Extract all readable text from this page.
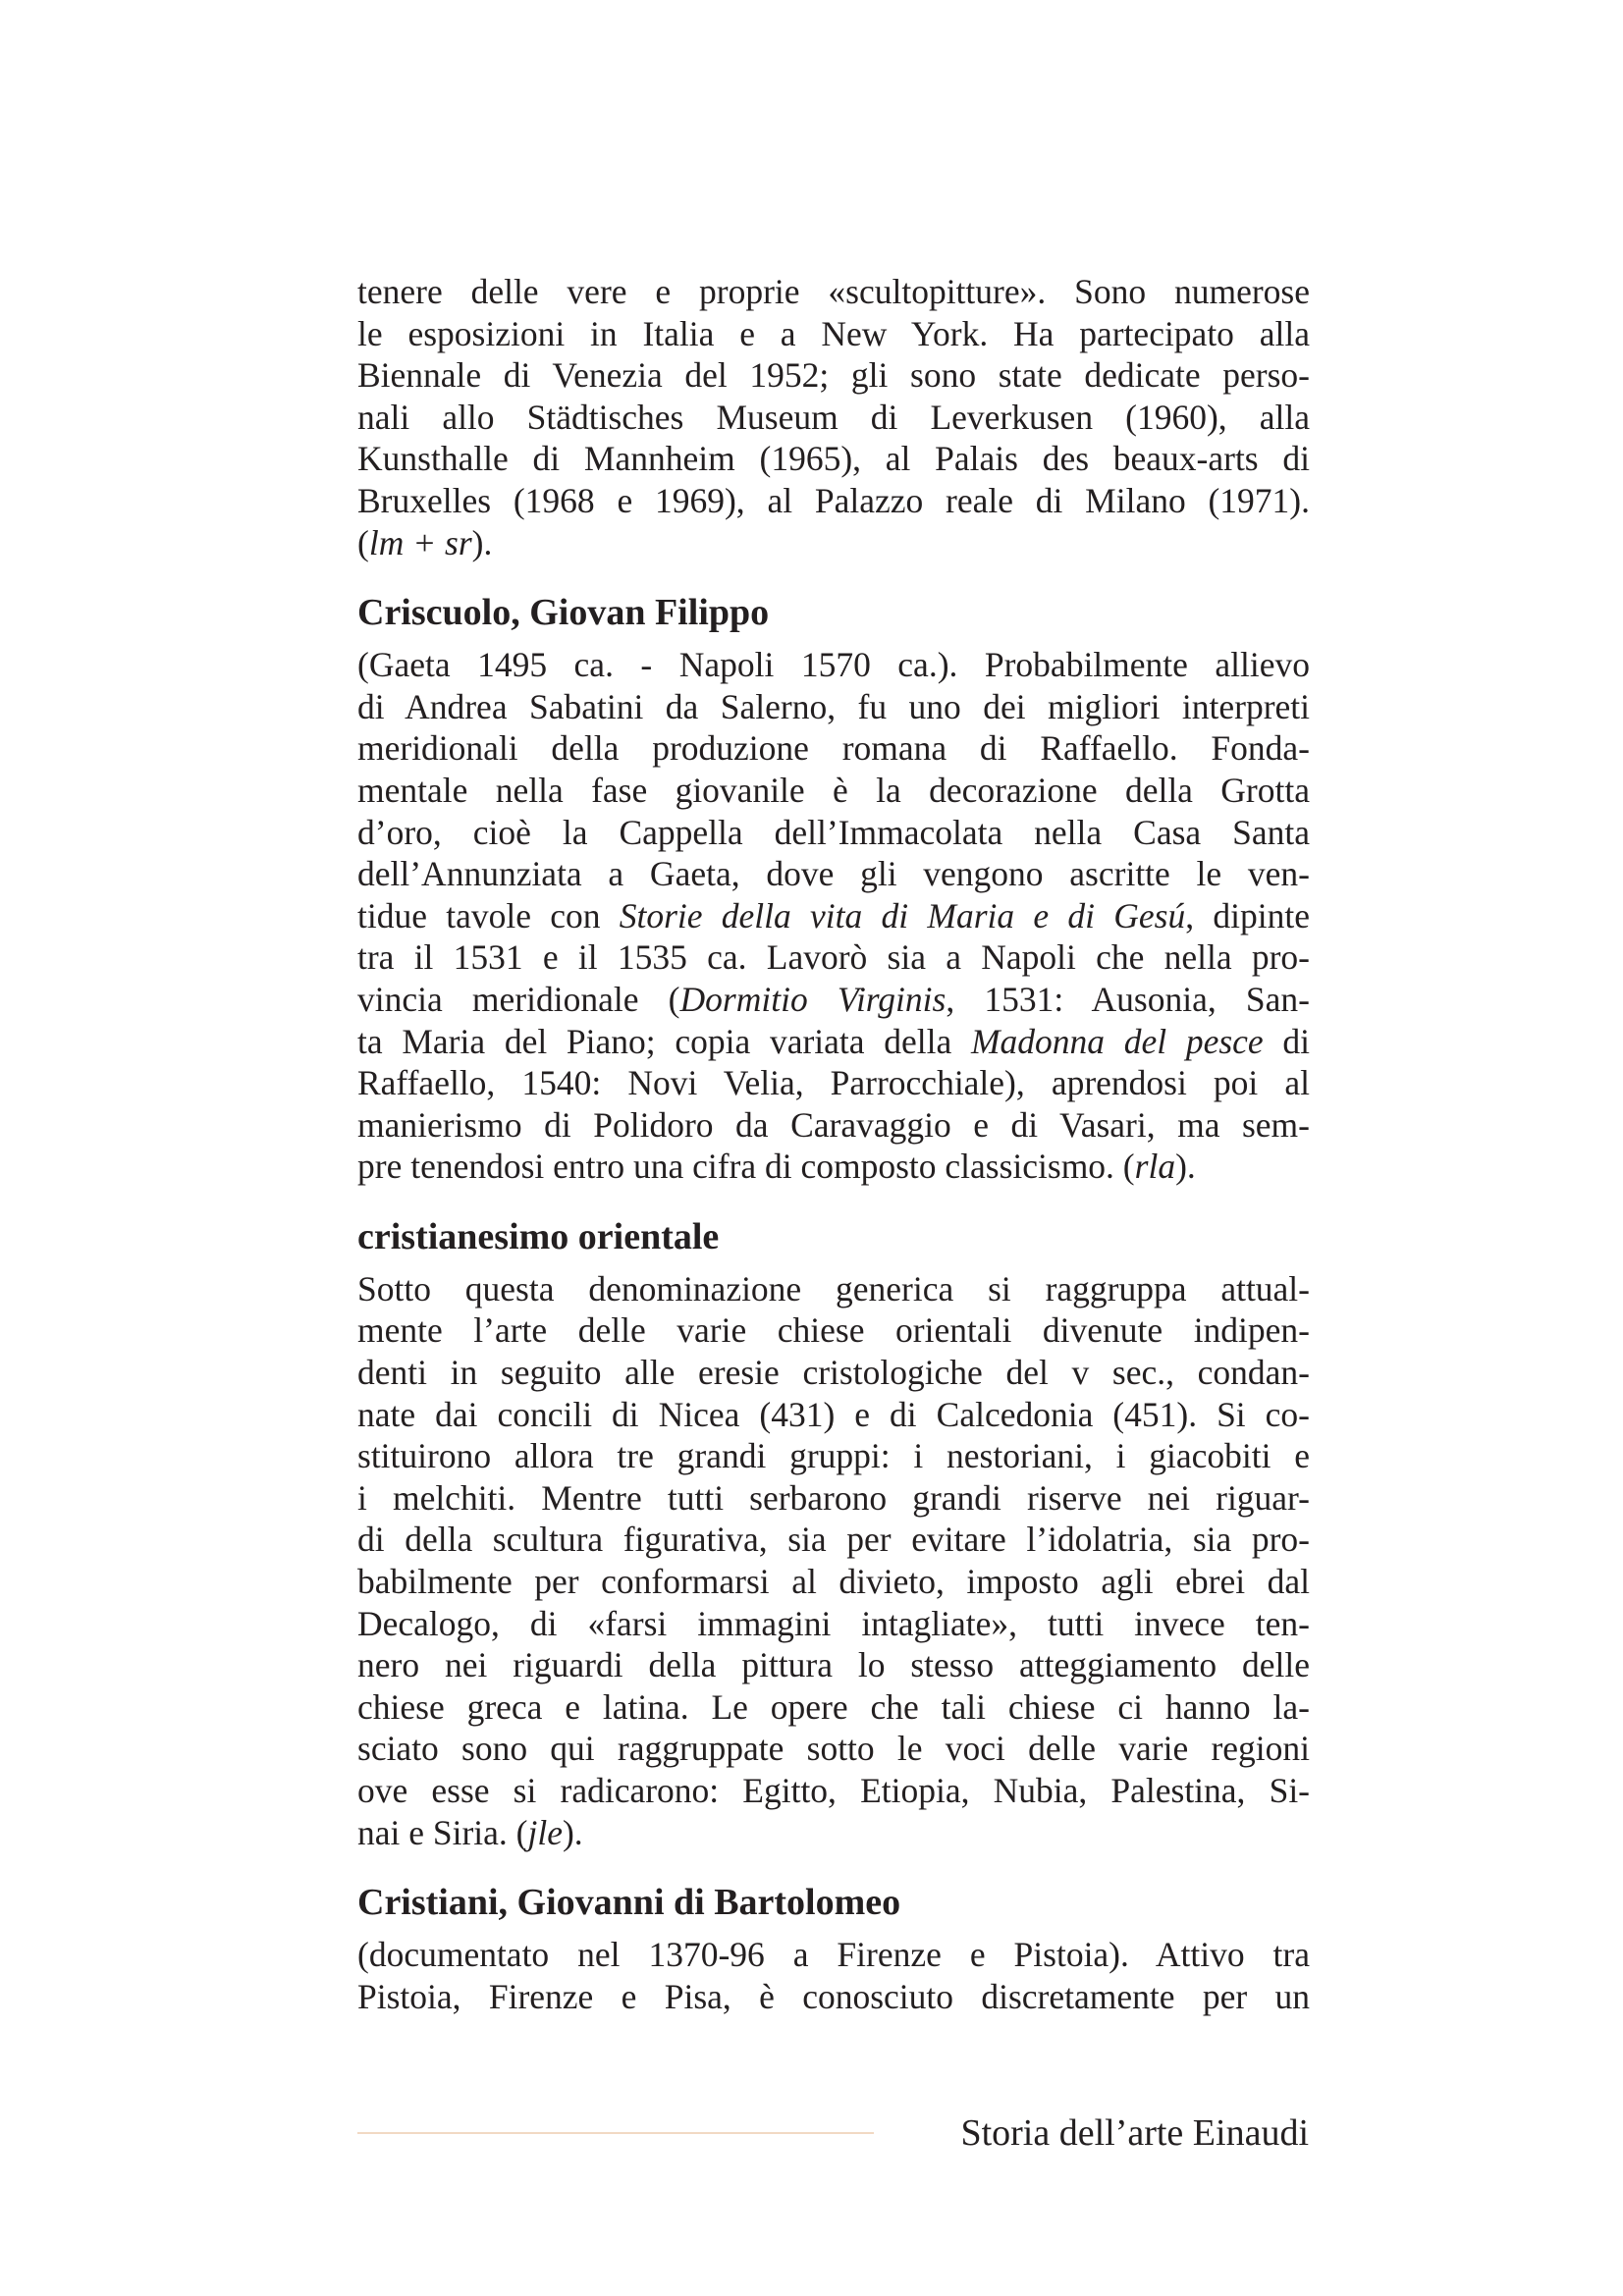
tenere delle vere e proprie «scultopitture». Sono numerose
le esposizioni in Italia e a New York. Ha partecipato alla
Biennale di Venezia del 1952; gli sono state dedicate perso-
nali allo Städtisches Museum di Leverkusen (1960), alla
Kunsthalle di Mannheim (1965), al Palais des beaux-arts di
Bruxelles (1968 e 1969), al Palazzo reale di Milano (1971).
(lm + sr).
Criscuolo, Giovan Filippo
(Gaeta 1495 ca. - Napoli 1570 ca.). Probabilmente allievo
di Andrea Sabatini da Salerno, fu uno dei migliori interpreti
meridionali della produzione romana di Raffaello. Fonda-
mentale nella fase giovanile è la decorazione della Grotta
d’oro, cioè la Cappella dell’Immacolata nella Casa Santa
dell’Annunziata a Gaeta, dove gli vengono ascritte le ven-
tidue tavole con Storie della vita di Maria e di Gesú, dipinte
tra il 1531 e il 1535 ca. Lavorò sia a Napoli che nella pro-
vincia meridionale (Dormitio Virginis, 1531: Ausonia, San-
ta Maria del Piano; copia variata della Madonna del pesce di
Raffaello, 1540: Novi Velia, Parrocchiale), aprendosi poi al
manierismo di Polidoro da Caravaggio e di Vasari, ma sem-
pre tenendosi entro una cifra di composto classicismo. (rla).
cristianesimo orientale
Sotto questa denominazione generica si raggruppa attual-
mente l’arte delle varie chiese orientali divenute indipen-
denti in seguito alle eresie cristologiche del v sec., condan-
nate dai concili di Nicea (431) e di Calcedonia (451). Si co-
stituirono allora tre grandi gruppi: i nestoriani, i giacobiti e
i melchiti. Mentre tutti serbarono grandi riserve nei riguar-
di della scultura figurativa, sia per evitare l’idolatria, sia pro-
babilmente per conformarsi al divieto, imposto agli ebrei dal
Decalogo, di «farsi immagini intagliate», tutti invece ten-
nero nei riguardi della pittura lo stesso atteggiamento delle
chiese greca e latina. Le opere che tali chiese ci hanno la-
sciato sono qui raggruppate sotto le voci delle varie regioni
ove esse si radicarono: Egitto, Etiopia, Nubia, Palestina, Si-
nai e Siria. (jle).
Cristiani, Giovanni di Bartolomeo
(documentato nel 1370-96 a Firenze e Pistoia). Attivo tra
Pistoia, Firenze e Pisa, è conosciuto discretamente per un
Storia dell’arte Einaudi
